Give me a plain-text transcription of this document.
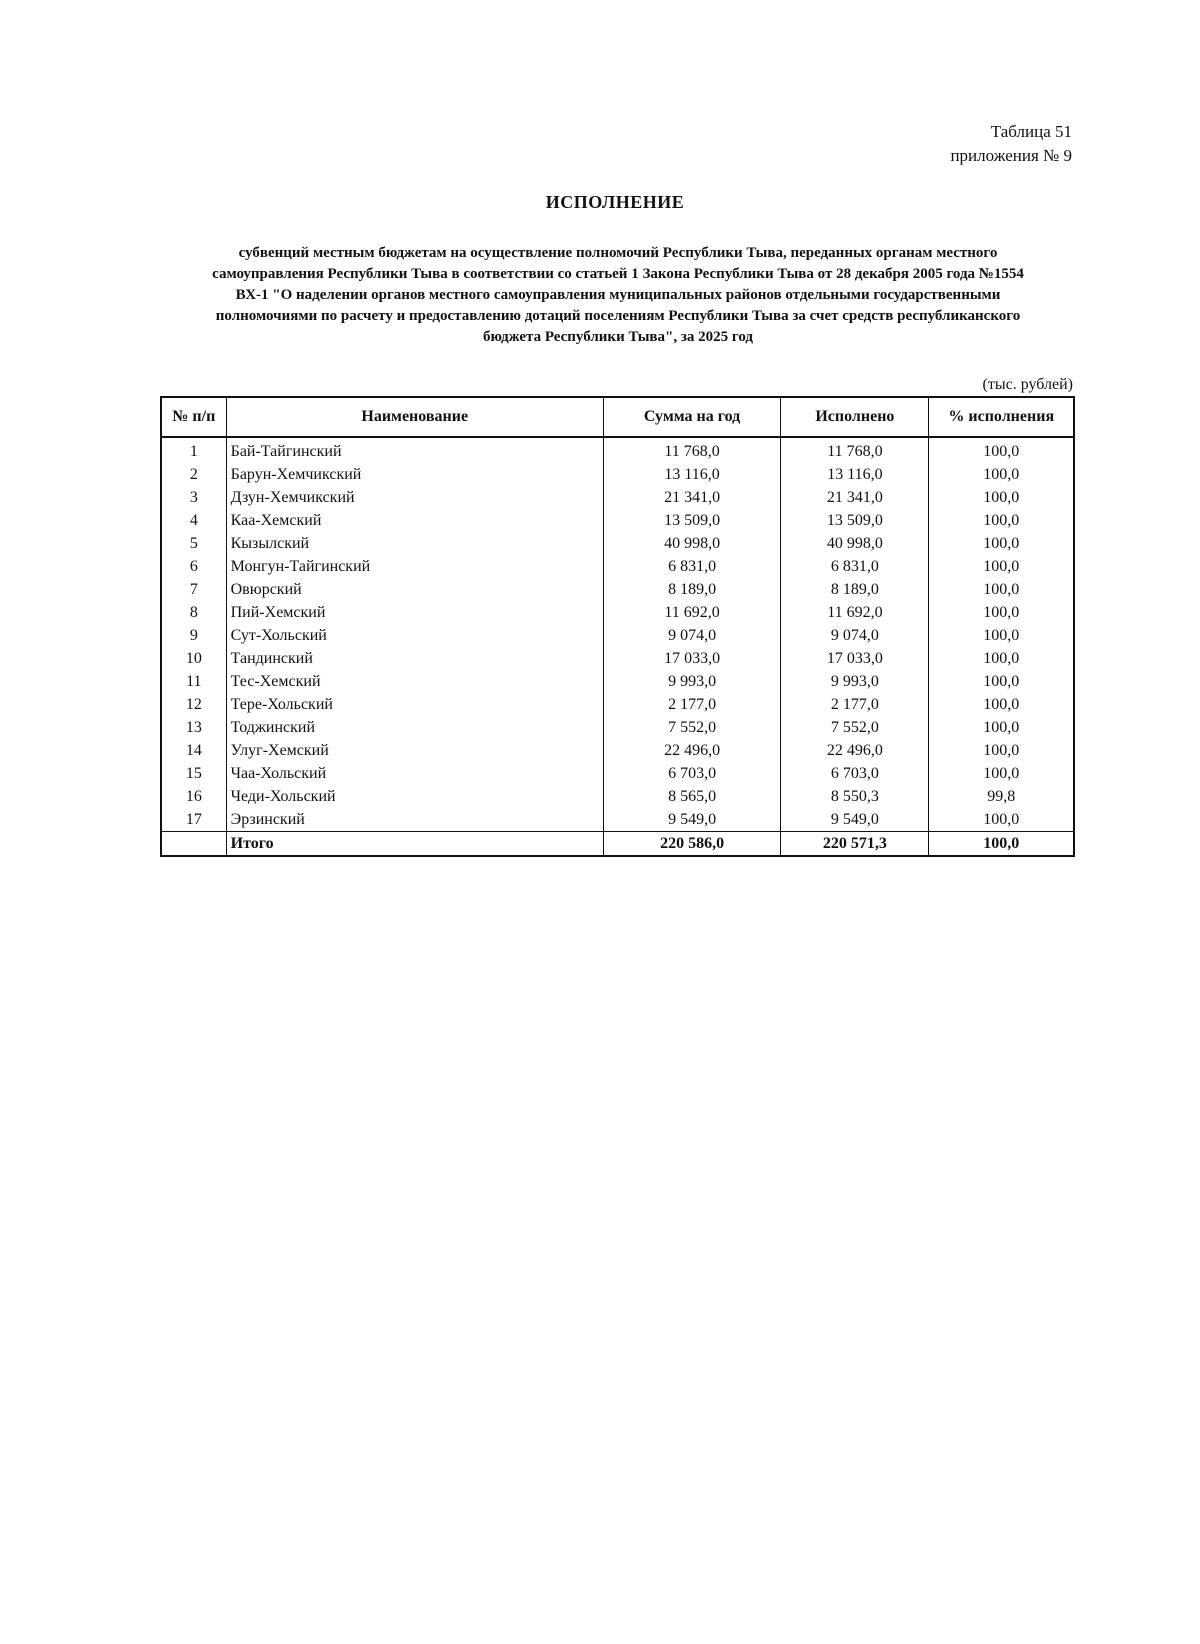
Таблица 51
приложения № 9
ИСПОЛНЕНИЕ
субвенций местным бюджетам на осуществление полномочий Республики Тыва, переданных органам местного
самоуправления Республики Тыва в соответствии со статьей 1 Закона Республики Тыва от 28 декабря 2005 года №1554
ВХ-1 "О наделении органов местного самоуправления муниципальных районов отдельными государственными
полномочиями по расчету и предоставлению дотаций поселениям Республики Тыва за счет средств республиканского
бюджета Республики Тыва", за 2025 год
(тыс. рублей)
№ п/п	Наименование	Сумма на год	Исполнено	% исполнения
1	Бай-Тайгинский	11 768,0	11 768,0	100,0
2	Барун-Хемчикский	13 116,0	13 116,0	100,0
3	Дзун-Хемчикский	21 341,0	21 341,0	100,0
4	Каа-Хемский	13 509,0	13 509,0	100,0
5	Кызылский	40 998,0	40 998,0	100,0
6	Монгун-Тайгинский	6 831,0	6 831,0	100,0
7	Овюрский	8 189,0	8 189,0	100,0
8	Пий-Хемский	11 692,0	11 692,0	100,0
9	Сут-Хольский	9 074,0	9 074,0	100,0
10	Тандинский	17 033,0	17 033,0	100,0
11	Тес-Хемский	9 993,0	9 993,0	100,0
12	Тере-Хольский	2 177,0	2 177,0	100,0
13	Тоджинский	7 552,0	7 552,0	100,0
14	Улуг-Хемский	22 496,0	22 496,0	100,0
15	Чаа-Хольский	6 703,0	6 703,0	100,0
16	Чеди-Хольский	8 565,0	8 550,3	99,8
17	Эрзинский	9 549,0	9 549,0	100,0
	Итого	220 586,0	220 571,3	100,0
